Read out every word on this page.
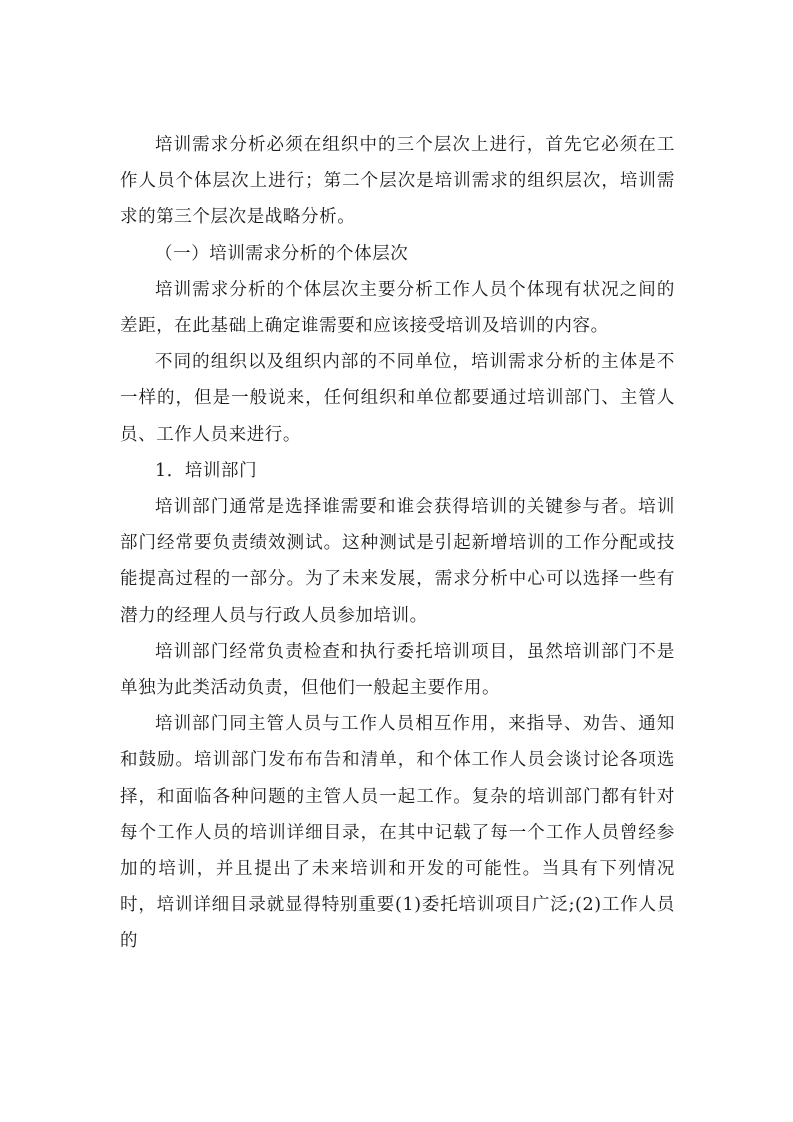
培训需求分析必须在组织中的三个层次上进行，首先它必须在工作人员个体层次上进行；第二个层次是培训需求的组织层次，培训需求的第三个层次是战略分析。

（一）培训需求分析的个体层次

培训需求分析的个体层次主要分析工作人员个体现有状况之间的差距，在此基础上确定谁需要和应该接受培训及培训的内容。

不同的组织以及组织内部的不同单位，培训需求分析的主体是不一样的，但是一般说来，任何组织和单位都要通过培训部门、主管人员、工作人员来进行。

1．培训部门

培训部门通常是选择谁需要和谁会获得培训的关键参与者。培训部门经常要负责绩效测试。这种测试是引起新增培训的工作分配或技能提高过程的一部分。为了未来发展，需求分析中心可以选择一些有潜力的经理人员与行政人员参加培训。

培训部门经常负责检查和执行委托培训项目，虽然培训部门不是单独为此类活动负责，但他们一般起主要作用。

培训部门同主管人员与工作人员相互作用，来指导、劝告、通知和鼓励。培训部门发布布告和清单，和个体工作人员会谈讨论各项选择，和面临各种问题的主管人员一起工作。复杂的培训部门都有针对每个工作人员的培训详细目录，在其中记载了每一个工作人员曾经参加的培训，并且提出了未来培训和开发的可能性。当具有下列情况时，培训详细目录就显得特别重要(1)委托培训项目广泛;(2)工作人员的
